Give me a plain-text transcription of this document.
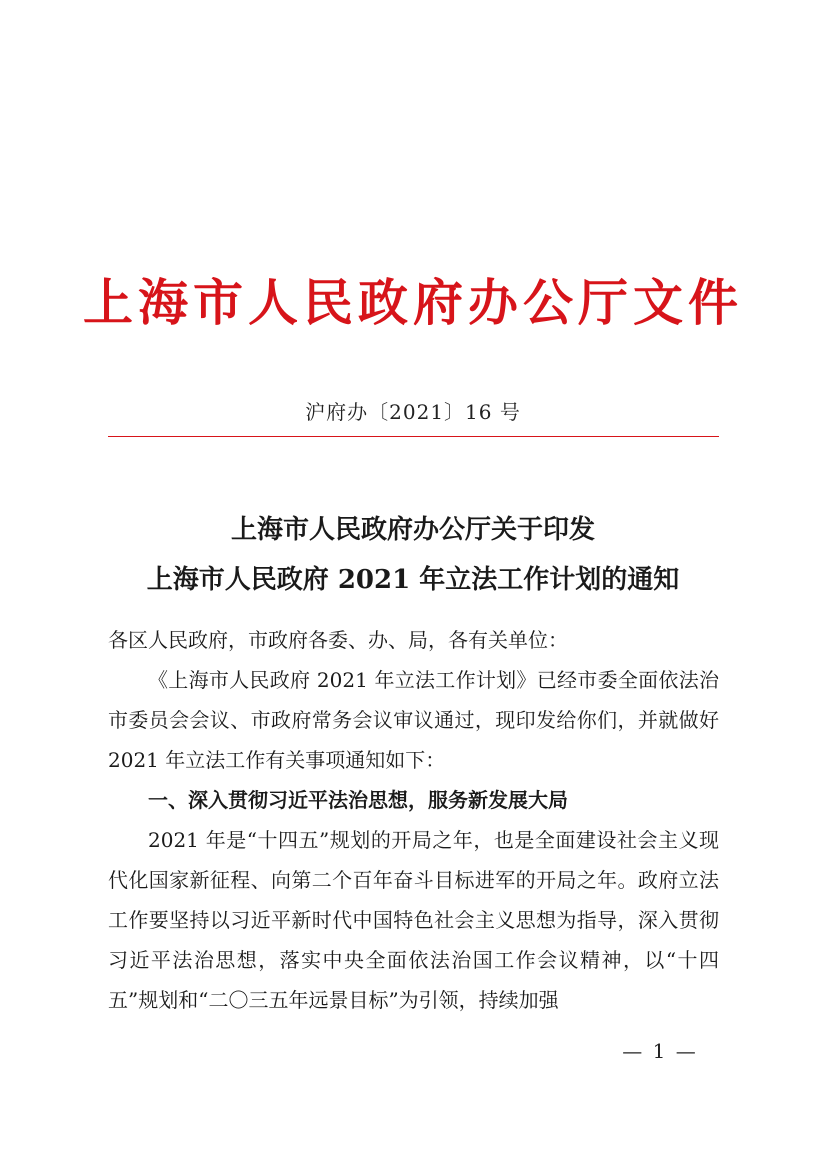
上海市人民政府办公厅文件
沪府办〔2021〕16 号
上海市人民政府办公厅关于印发
上海市人民政府 2021 年立法工作计划的通知

各区人民政府，市政府各委、办、局，各有关单位：

《上海市人民政府 2021 年立法工作计划》已经市委全面依法治市委员会会议、市政府常务会议审议通过，现印发给你们，并就做好 2021 年立法工作有关事项通知如下：

一、深入贯彻习近平法治思想，服务新发展大局

2021 年是“十四五”规划的开局之年，也是全面建设社会主义现代化国家新征程、向第二个百年奋斗目标进军的开局之年。政府立法工作要坚持以习近平新时代中国特色社会主义思想为指导，深入贯彻习近平法治思想，落实中央全面依法治国工作会议精神，以“十四五”规划和“二〇三五年远景目标”为引领，持续加强

— 1 —
